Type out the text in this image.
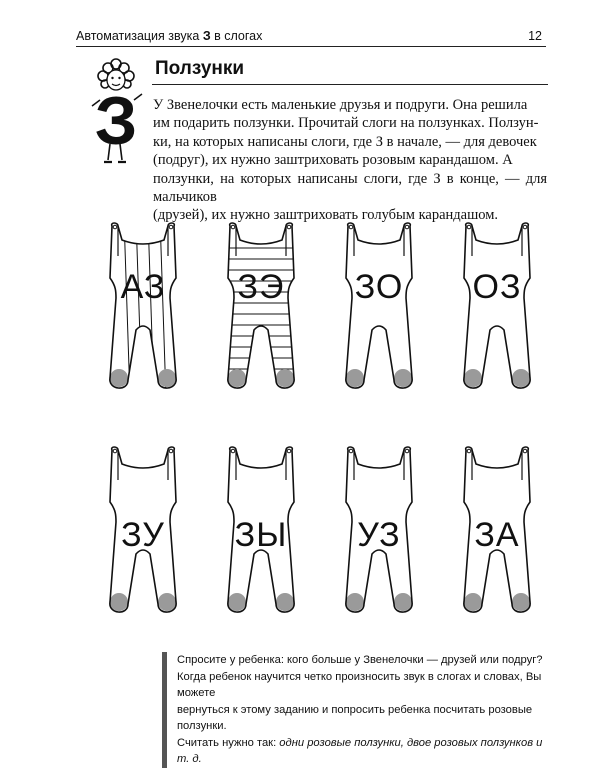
Автоматизация звука З в слогах	12
З
Ползунки
У Звенелочки есть маленькие друзья и подруги. Она решила
им подарить ползунки. Прочитай слоги на ползунках. Ползун-
ки, на которых написаны слоги, где З в начале, — для девочек
(подруг), их нужно заштриховать розовым карандашом. А
ползунки, на которых написаны слоги, где З в конце, — для мальчиков
(друзей), их нужно заштриховать голубым карандашом.
АЗ	ЗЭ	ЗО	ОЗ
ЗУ	ЗЫ	УЗ	ЗА
Спросите у ребенка: кого больше у Звенелочки — друзей или подруг?
Когда ребенок научится четко произносить звук в слогах и словах, Вы можете
вернуться к этому заданию и попросить ребенка посчитать розовые ползунки.
Считать нужно так: одни розовые ползунки, двое розовых ползунков и т. д.
